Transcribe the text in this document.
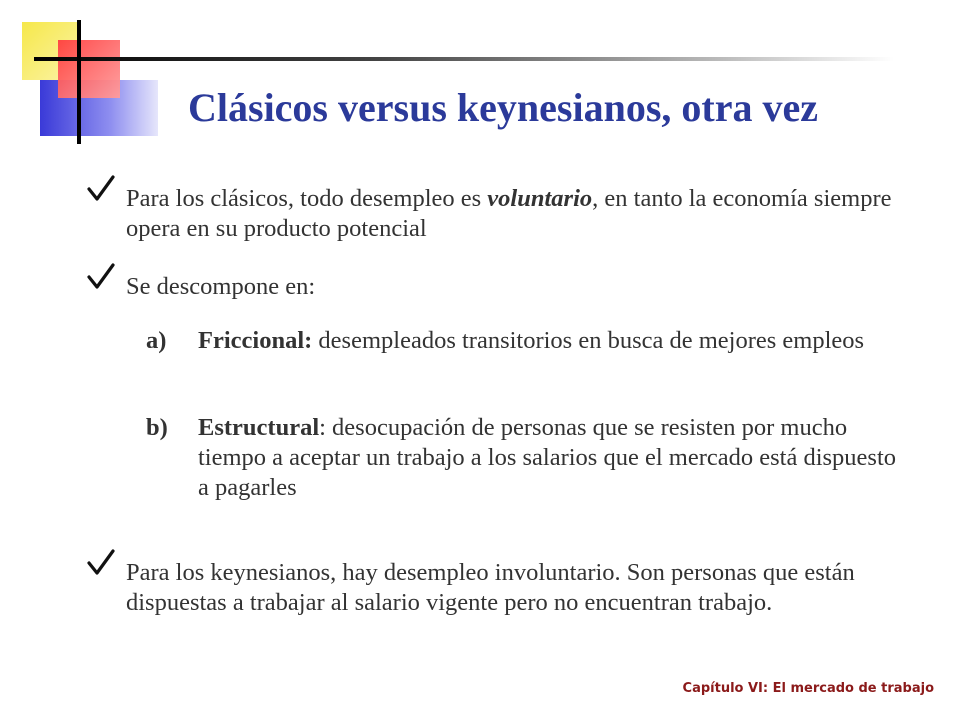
Clásicos versus keynesianos, otra vez
Para los clásicos, todo desempleo es voluntario, en tanto la economía siempre opera en su producto potencial
Se descompone en:
a) Friccional: desempleados transitorios en busca de mejores empleos
b) Estructural: desocupación de personas que se resisten por mucho tiempo a aceptar un trabajo a los salarios que el mercado está dispuesto a pagarles
Para los keynesianos, hay desempleo involuntario. Son personas que están dispuestas a trabajar al salario vigente pero no encuentran trabajo.
Capítulo VI: El mercado de trabajo
